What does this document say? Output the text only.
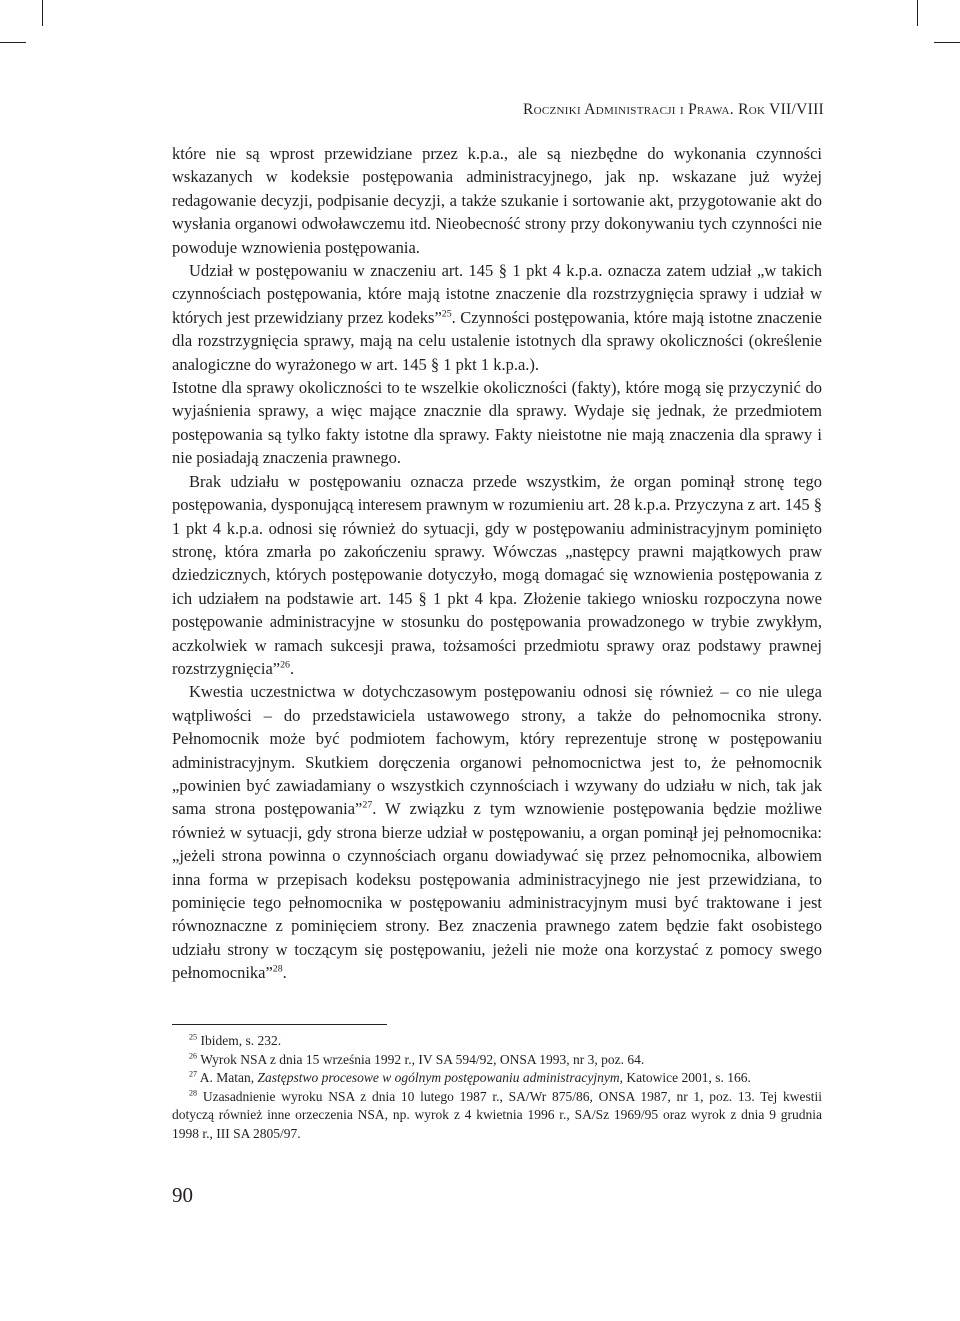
Roczniki Administracji i Prawa. Rok VII/VIII

które nie są wprost przewidziane przez k.p.a., ale są niezbędne do wykonania czynności wskazanych w kodeksie postępowania administracyjnego, jak np. wskazane już wyżej redagowanie decyzji, podpisanie decyzji, a także szukanie i sortowanie akt, przygotowanie akt do wysłania organowi odwoławczemu itd. Nieobecność strony przy dokonywaniu tych czynności nie powoduje wznowienia postępowania.

Udział w postępowaniu w znaczeniu art. 145 § 1 pkt 4 k.p.a. oznacza zatem udział „w takich czynnościach postępowania, które mają istotne znaczenie dla rozstrzygnięcia sprawy i udział w których jest przewidziany przez kodeks”$^{25}$. Czynności postępowania, które mają istotne znaczenie dla rozstrzygnięcia sprawy, mają na celu ustalenie istotnych dla sprawy okoliczności (określenie analogiczne do wyrażonego w art. 145 § 1 pkt 1 k.p.a.).

Istotne dla sprawy okoliczności to te wszelkie okoliczności (fakty), które mogą się przyczynić do wyjaśnienia sprawy, a więc mające znacznie dla sprawy. Wydaje się jednak, że przedmiotem postępowania są tylko fakty istotne dla sprawy. Fakty nieistotne nie mają znaczenia dla sprawy i nie posiadają znaczenia prawnego.

Brak udziału w postępowaniu oznacza przede wszystkim, że organ pominął stronę tego postępowania, dysponującą interesem prawnym w rozumieniu art. 28 k.p.a. Przyczyna z art. 145 § 1 pkt 4 k.p.a. odnosi się również do sytuacji, gdy w postępowaniu administracyjnym pominięto stronę, która zmarła po zakończeniu sprawy. Wówczas „następcy prawni majątkowych praw dziedzicznych, których postępowanie dotyczyło, mogą domagać się wznowienia postępowania z ich udziałem na podstawie art. 145 § 1 pkt 4 kpa. Złożenie takiego wniosku rozpoczyna nowe postępowanie administracyjne w stosunku do postępowania prowadzonego w trybie zwykłym, aczkolwiek w ramach sukcesji prawa, tożsamości przedmiotu sprawy oraz podstawy prawnej rozstrzygnięcia”$^{26}$.

Kwestia uczestnictwa w dotychczasowym postępowaniu odnosi się również – co nie ulega wątpliwości – do przedstawiciela ustawowego strony, a także do pełnomocnika strony. Pełnomocnik może być podmiotem fachowym, który reprezentuje stronę w postępowaniu administracyjnym. Skutkiem doręczenia organowi pełnomocnictwa jest to, że pełnomocnik „powinien być zawiadamiany o wszystkich czynnościach i wzywany do udziału w nich, tak jak sama strona postępowania”$^{27}$. W związku z tym wznowienie postępowania będzie możliwe również w sytuacji, gdy strona bierze udział w postępowaniu, a organ pominął jej pełnomocnika: „jeżeli strona powinna o czynnościach organu dowiadywać się przez pełnomocnika, albowiem inna forma w przepisach kodeksu postępowania administracyjnego nie jest przewidziana, to pominięcie tego pełnomocnika w postępowaniu administracyjnym musi być traktowane i jest równoznaczne z pominięciem strony. Bez znaczenia prawnego zatem będzie fakt osobistego udziału strony w toczącym się postępowaniu, jeżeli nie może ona korzystać z pomocy swego pełnomocnika”$^{28}$.

$^{25}$ Ibidem, s. 232.

$^{26}$ Wyrok NSA z dnia 15 września 1992 r., IV SA 594/92, ONSA 1993, nr 3, poz. 64.

$^{27}$ A. Matan, Zastępstwo procesowe w ogólnym postępowaniu administracyjnym, Katowice 2001, s. 166.

$^{28}$ Uzasadnienie wyroku NSA z dnia 10 lutego 1987 r., SA/Wr 875/86, ONSA 1987, nr 1, poz. 13. Tej kwestii dotyczą również inne orzeczenia NSA, np. wyrok z 4 kwietnia 1996 r., SA/Sz 1969/95 oraz wyrok z dnia 9 grudnia 1998 r., III SA 2805/97.

90
